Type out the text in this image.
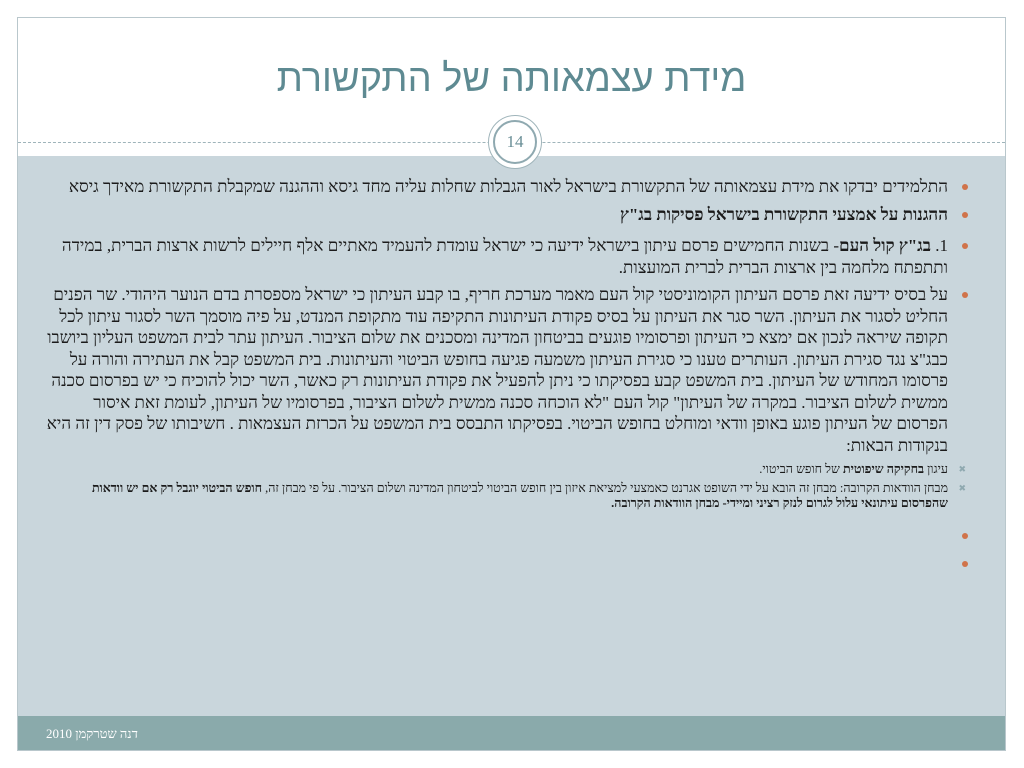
מידת עצמאותה של התקשורת
14
התלמידים יבדקו את מידת עצמאותה של התקשורת בישראל לאור הגבלות שחלות עליה מחד גיסא וההגנה שמקבלת התקשורת מאידך גיסא
ההגנות על אמצעי התקשורת בישראל פסיקות בג"ץ
1. בג"ץ קול העם- בשנות החמישים פרסם עיתון בישראל ידיעה כי ישראל עומדת להעמיד מאתיים אלף חיילים לרשות ארצות הברית, במידה ותתפתח מלחמה בין ארצות הברית לברית המועצות.
על בסיס ידיעה זאת פרסם העיתון הקומוניסטי קול העם מאמר מערכת חריף, בו קבע העיתון כי ישראל מספסרת בדם הנוער היהודי. שר הפנים החליט לסגור את העיתון. השר סגר את העיתון על בסיס פקודת העיתונות התקיפה עוד מתקופת המנדט, על פיה מוסמך השר לסגור עיתון לכל תקופה שיראה לנכון אם ימצא כי העיתון ופרסומיו פוגעים בביטחון המדינה ומסכנים את שלום הציבור. העיתון עתר לבית המשפט העליון ביושבו כבג"צ נגד סגירת העיתון. העותרים טענו כי סגירת העיתון משמעה פגיעה בחופש הביטוי והעיתונות. בית המשפט קבל את העתירה והורה על פרסומו המחודש של העיתון. בית המשפט קבע בפסיקתו כי ניתן להפעיל את פקודת העיתונות רק כאשר, השר יכול להוכיח כי יש בפרסום סכנה ממשית לשלום הציבור. במקרה של העיתון" קול העם "לא הוכחה סכנה ממשית לשלום הציבור, בפרסומיו של העיתון, לעומת זאת איסור הפרסום של העיתון פוגע באופן וודאי ומוחלט בחופש הביטוי. בפסיקתו התבסס בית המשפט על הכרזת העצמאות . חשיבותו של פסק דין זה היא בנקודות הבאות:
✖
עיגון בחקיקה שיפוטית של חופש הביטוי.
✖
מבחן הוודאות הקרובה: מבחן זה הובא על ידי השופט אגרנט כאמצעי למציאת איזון בין חופש הביטוי לביטחון המדינה ושלום הציבור. על פי מבחן זה, חופש הביטוי יוגבל רק אם יש וודאות שהפרסום עיתונאי עלול לגרום לנזק רציני ומיידי- מבחן הוודאות הקרובה.
דנה שטרקמן 2010
